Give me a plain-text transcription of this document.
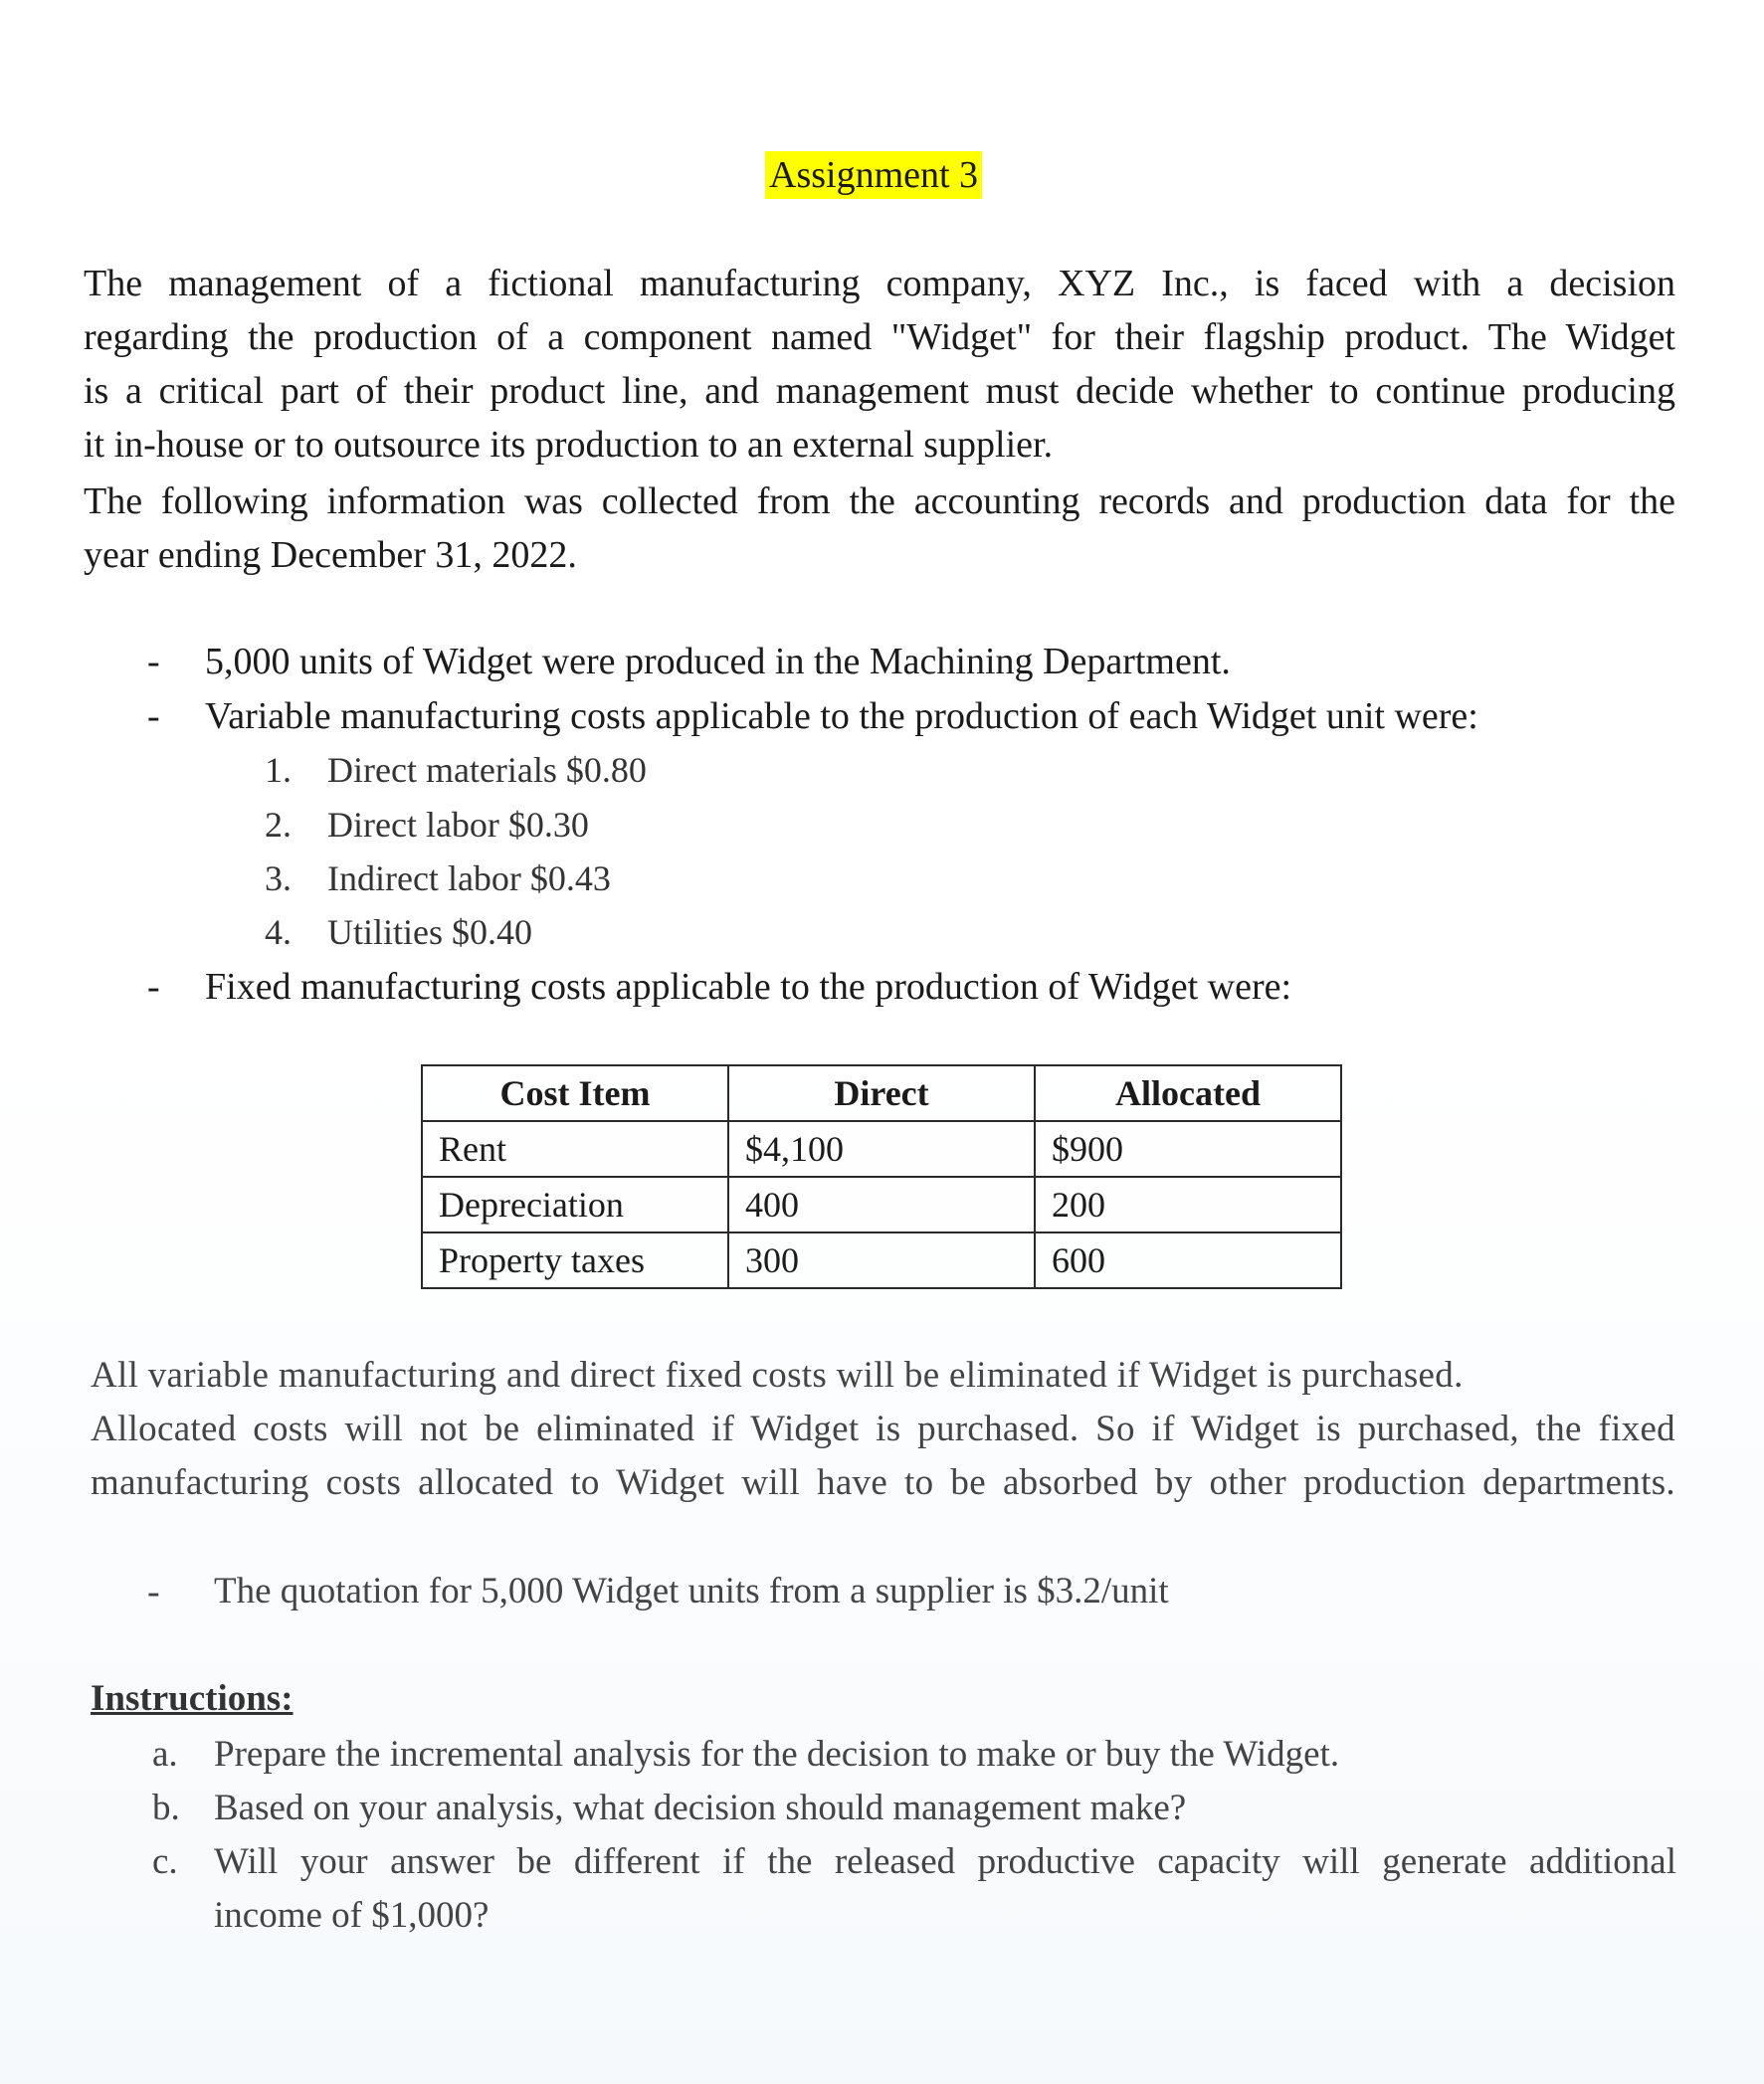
Assignment 3
The management of a fictional manufacturing company, XYZ Inc., is faced with a decision
regarding the production of a component named "Widget" for their flagship product. The Widget
is a critical part of their product line, and management must decide whether to continue producing
it in-house or to outsource its production to an external supplier.
The following information was collected from the accounting records and production data for the
year ending December 31, 2022.
- 5,000 units of Widget were produced in the Machining Department.
- Variable manufacturing costs applicable to the production of each Widget unit were:
1. Direct materials $0.80
2. Direct labor $0.30
3. Indirect labor $0.43
4. Utilities $0.40
- Fixed manufacturing costs applicable to the production of Widget were:
Cost Item	Direct	Allocated
Rent	$4,100	$900
Depreciation	400	200
Property taxes	300	600
All variable manufacturing and direct fixed costs will be eliminated if Widget is purchased.
Allocated costs will not be eliminated if Widget is purchased. So if Widget is purchased, the fixed
manufacturing costs allocated to Widget will have to be absorbed by other production departments.
- The quotation for 5,000 Widget units from a supplier is $3.2/unit
Instructions:
a. Prepare the incremental analysis for the decision to make or buy the Widget.
b. Based on your analysis, what decision should management make?
c. Will your answer be different if the released productive capacity will generate additional
income of $1,000?
